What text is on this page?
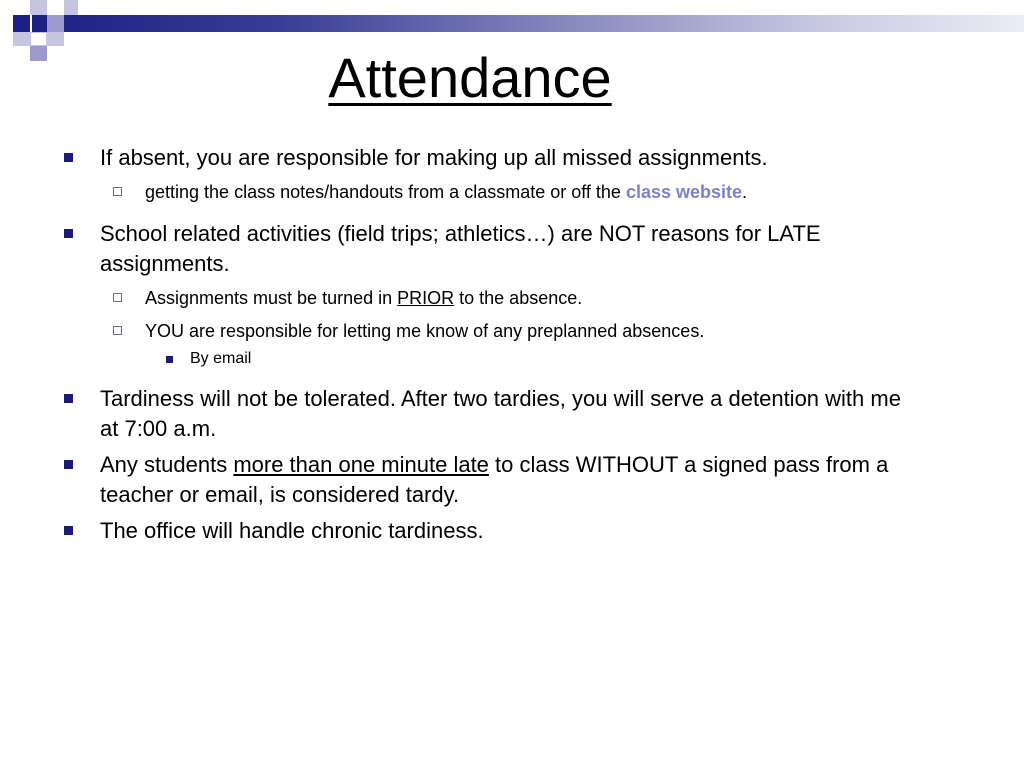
Attendance
If absent, you are responsible for making up all missed assignments.
getting the class notes/handouts from a classmate or off the class website.
School related activities (field trips; athletics…) are NOT reasons for LATE assignments.
Assignments must be turned in PRIOR to the absence.
YOU are responsible for letting me know of any preplanned absences.
By email
Tardiness will not be tolerated. After two tardies, you will serve a detention with me at 7:00 a.m.
Any students more than one minute late to class WITHOUT a signed pass from a teacher or email, is considered tardy.
The office will handle chronic tardiness.
